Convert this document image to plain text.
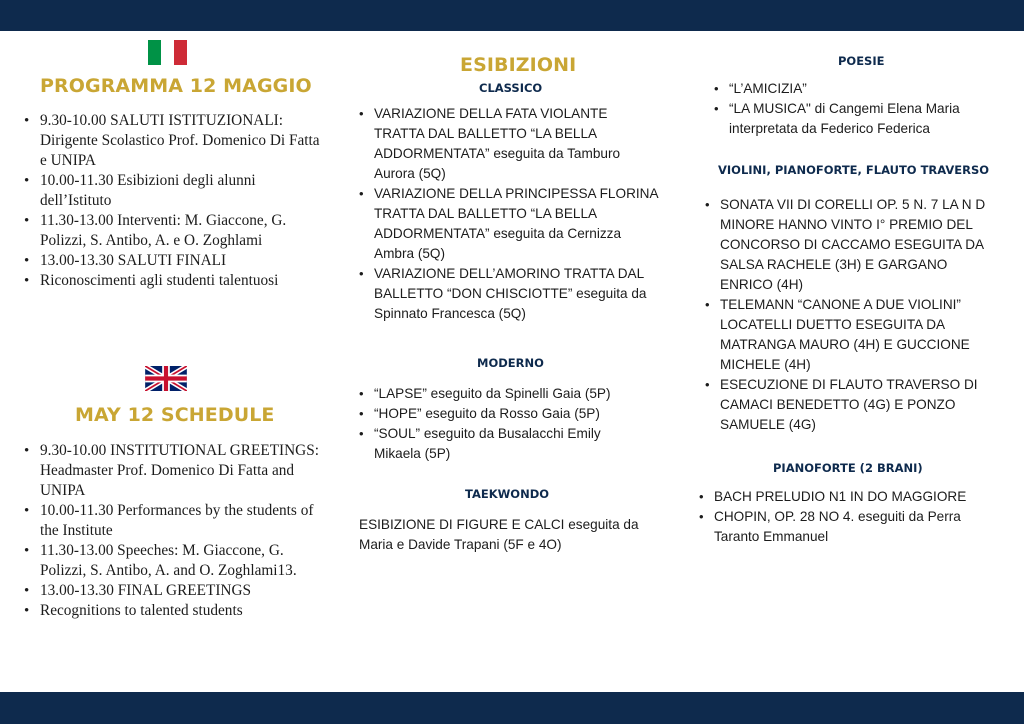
PROGRAMMA 12 MAGGIO
• 9.30-10.00 SALUTI ISTITUZIONALI: Dirigente Scolastico Prof. Domenico Di Fatta e UNIPA
• 10.00-11.30 Esibizioni degli alunni dell’Istituto
• 11.30-13.00 Interventi: M. Giaccone, G. Polizzi, S. Antibo, A. e O. Zoghlami
• 13.00-13.30 SALUTI FINALI
• Riconoscimenti agli studenti talentuosi
MAY 12 SCHEDULE
• 9.30-10.00 INSTITUTIONAL GREETINGS: Headmaster Prof. Domenico Di Fatta and UNIPA
• 10.00-11.30 Performances by the students of the Institute
• 11.30-13.00 Speeches: M. Giaccone, G. Polizzi, S. Antibo, A. and O. Zoghlami13.
• 13.00-13.30 FINAL GREETINGS
• Recognitions to talented students
ESIBIZIONI
CLASSICO
• VARIAZIONE DELLA FATA VIOLANTE TRATTA DAL BALLETTO “LA BELLA ADDORMENTATA” eseguita da Tamburo Aurora (5Q)
• VARIAZIONE DELLA PRINCIPESSA FLORINA TRATTA DAL BALLETTO “LA BELLA ADDORMENTATA” eseguita da Cernizza Ambra (5Q)
• VARIAZIONE DELL’AMORINO TRATTA DAL BALLETTO “DON CHISCIOTTE” eseguita da Spinnato Francesca (5Q)
MODERNO
• “LAPSE” eseguito da Spinelli Gaia (5P)
• “HOPE” eseguito da Rosso Gaia (5P)
• “SOUL” eseguito da Busalacchi Emily Mikaela (5P)
TAEKWONDO
ESIBIZIONE DI FIGURE E CALCI eseguita da Maria e Davide Trapani (5F e 4O)
POESIE
• “L’AMICIZIA”
• “LA MUSICA" di Cangemi Elena Maria interpretata da Federico Federica
VIOLINI, PIANOFORTE, FLAUTO TRAVERSO
• SONATA VII DI CORELLI OP. 5 N. 7 LA N D MINORE HANNO VINTO I° PREMIO DEL CONCORSO DI CACCAMO ESEGUITA DA SALSA RACHELE (3H) E GARGANO ENRICO (4H)
• TELEMANN “CANONE A DUE VIOLINI” LOCATELLI DUETTO ESEGUITA DA MATRANGA MAURO (4H) E GUCCIONE MICHELE (4H)
• ESECUZIONE DI FLAUTO TRAVERSO DI CAMACI BENEDETTO (4G) E PONZO SAMUELE (4G)
PIANOFORTE (2 BRANI)
• BACH PRELUDIO N1 IN DO MAGGIORE
• CHOPIN, OP. 28 NO 4. eseguiti da Perra Taranto Emmanuel
